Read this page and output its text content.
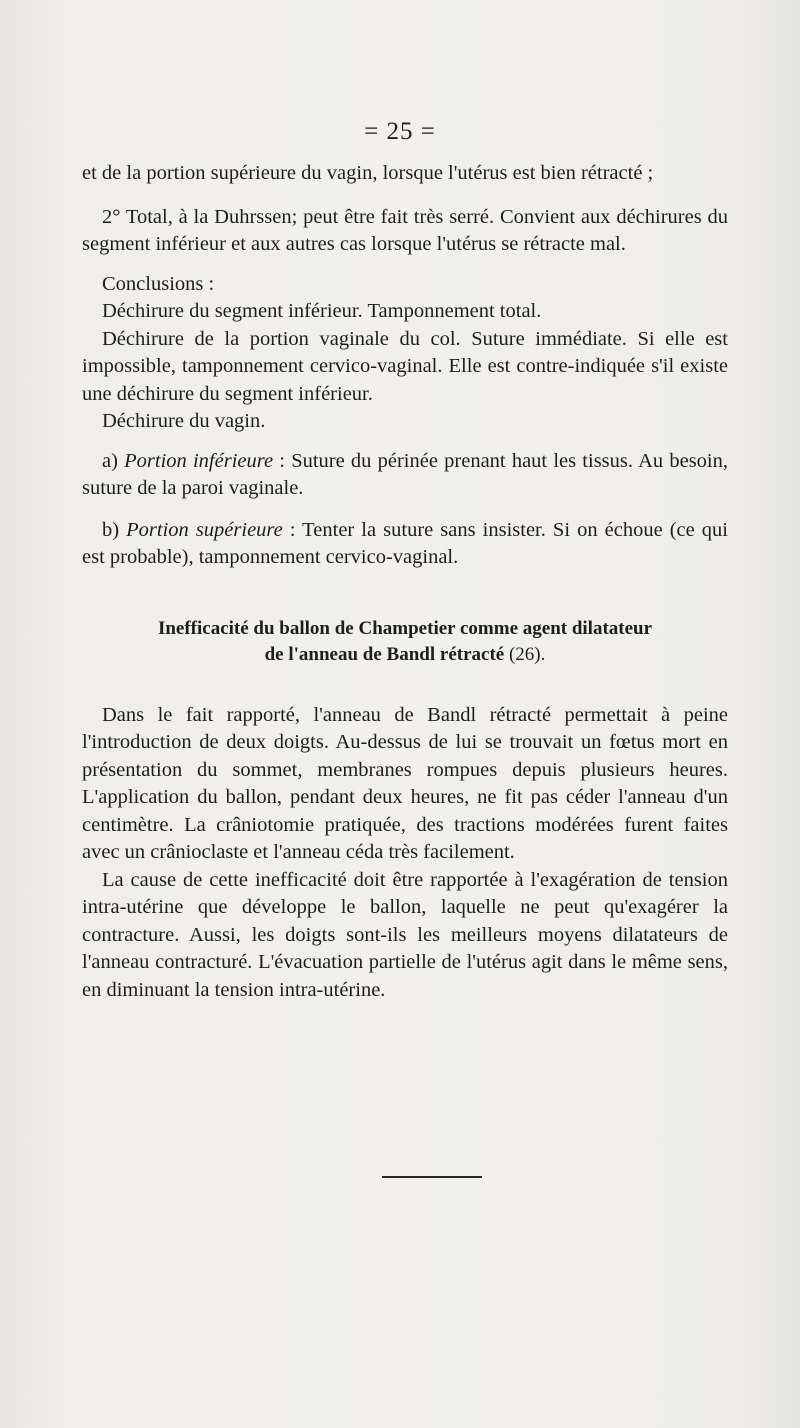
= 25 =

et de la portion supérieure du vagin, lorsque l'utérus est bien rétracté ;

2° Total, à la Duhrssen; peut être fait très serré. Convient aux déchirures du segment inférieur et aux autres cas lorsque l'utérus se rétracte mal.

Conclusions :

Déchirure du segment inférieur. Tamponnement total.

Déchirure de la portion vaginale du col. Suture immédiate. Si elle est impossible, tamponnement cervico-vaginal. Elle est contre-indiquée s'il existe une déchirure du segment inférieur.

Déchirure du vagin.

a) Portion inférieure : Suture du périnée prenant haut les tissus. Au besoin, suture de la paroi vaginale.

b) Portion supérieure : Tenter la suture sans insister. Si on échoue (ce qui est probable), tamponnement cervico-vaginal.

Inefficacité du ballon de Champetier comme agent dilatateur
de l'anneau de Bandl rétracté (26).

Dans le fait rapporté, l'anneau de Bandl rétracté permettait à peine l'introduction de deux doigts. Au-dessus de lui se trouvait un fœtus mort en présentation du sommet, membranes rompues depuis plusieurs heures. L'application du ballon, pendant deux heures, ne fit pas céder l'anneau d'un centimètre. La crâniotomie pratiquée, des tractions modérées furent faites avec un crânioclaste et l'anneau céda très facilement.

La cause de cette inefficacité doit être rapportée à l'exagération de tension intra-utérine que développe le ballon, laquelle ne peut qu'exagérer la contracture. Aussi, les doigts sont-ils les meilleurs moyens dilatateurs de l'anneau contracturé. L'évacuation partielle de l'utérus agit dans le même sens, en diminuant la tension intra-utérine.
